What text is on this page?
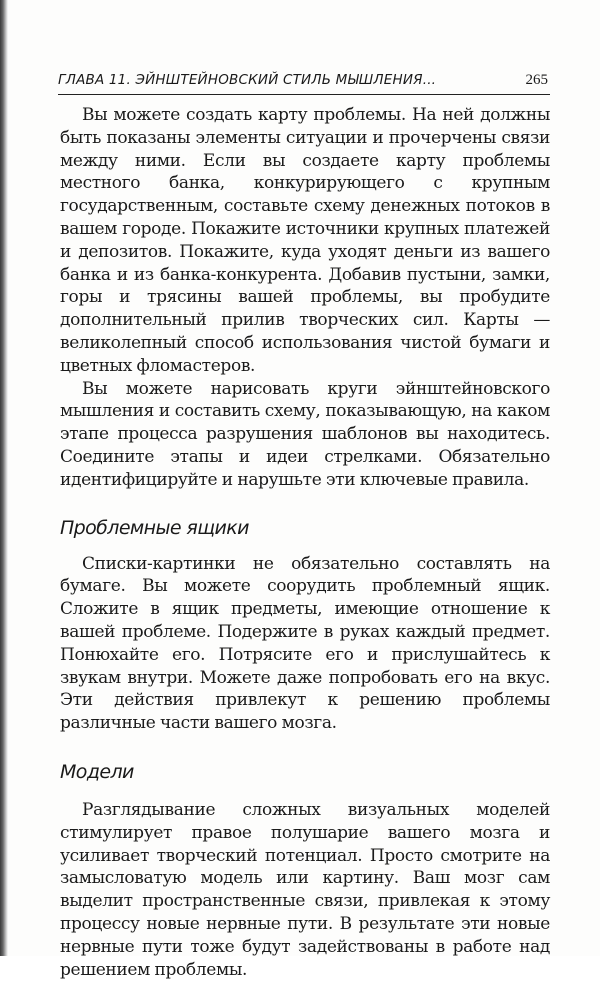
ГЛАВА 11. ЭЙНШТЕЙНОВСКИЙ СТИЛЬ МЫШЛЕНИЯ...	265

Вы можете создать карту проблемы. На ней должны быть показаны элементы ситуации и прочерчены связи между ними. Если вы создаете карту проблемы местного банка, конкурирующего с крупным государственным, составьте схему денежных потоков в вашем городе. Покажите источники крупных платежей и депозитов. Покажите, куда уходят деньги из вашего банка и из банка-конкурента. Добавив пустыни, замки, горы и трясины вашей проблемы, вы пробудите дополнительный прилив творческих сил. Карты — великолепный способ использования чистой бумаги и цветных фломастеров.

Вы можете нарисовать круги эйнштейновского мышления и составить схему, показывающую, на каком этапе процесса разрушения шаблонов вы находитесь. Соедините этапы и идеи стрелками. Обязательно идентифицируйте и нарушьте эти ключевые правила.

Проблемные ящики

Списки-картинки не обязательно составлять на бумаге. Вы можете соорудить проблемный ящик. Сложите в ящик предметы, имеющие отношение к вашей проблеме. Подержите в руках каждый предмет. Понюхайте его. Потрясите его и прислушайтесь к звукам внутри. Можете даже попробовать его на вкус. Эти действия привлекут к решению проблемы различные части вашего мозга.

Модели

Разглядывание сложных визуальных моделей стимулирует правое полушарие вашего мозга и усиливает творческий потенциал. Просто смотрите на замысловатую модель или картину. Ваш мозг сам выделит пространственные связи, привлекая к этому процессу новые нервные пути. В результате эти новые нервные пути тоже будут задействованы в работе над решением проблемы.
